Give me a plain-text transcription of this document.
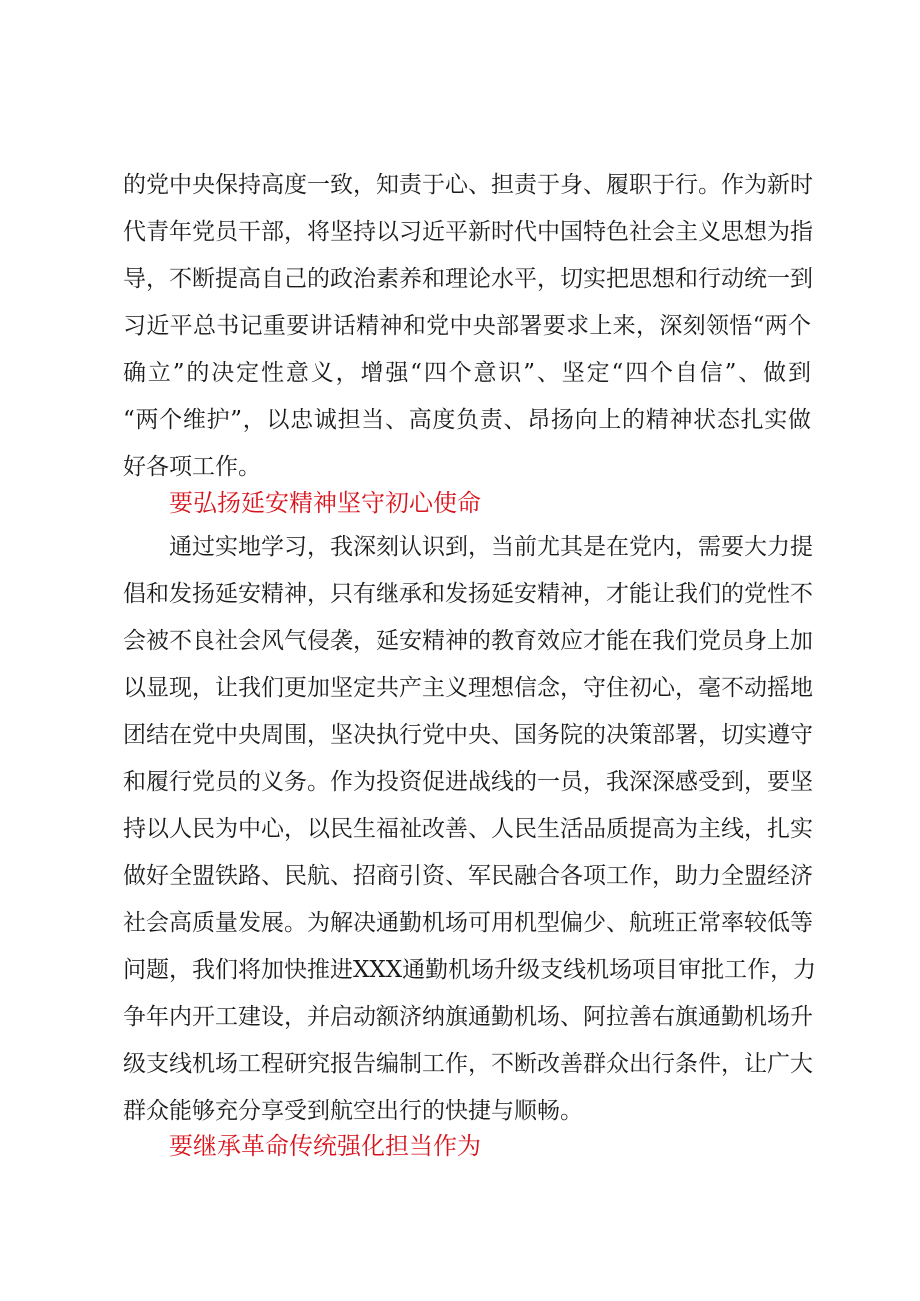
的党中央保持高度一致，知责于心、担责于身、履职于行。作为新时
代青年党员干部，将坚持以习近平新时代中国特色社会主义思想为指
导，不断提高自己的政治素养和理论水平，切实把思想和行动统一到
习近平总书记重要讲话精神和党中央部署要求上来，深刻领悟“两个
确立”的决定性意义，增强“四个意识”、坚定“四个自信”、做到
“两个维护”，以忠诚担当、高度负责、昂扬向上的精神状态扎实做
好各项工作。
要弘扬延安精神坚守初心使命
通过实地学习，我深刻认识到，当前尤其是在党内，需要大力提
倡和发扬延安精神，只有继承和发扬延安精神，才能让我们的党性不
会被不良社会风气侵袭，延安精神的教育效应才能在我们党员身上加
以显现，让我们更加坚定共产主义理想信念，守住初心，毫不动摇地
团结在党中央周围，坚决执行党中央、国务院的决策部署，切实遵守
和履行党员的义务。作为投资促进战线的一员，我深深感受到，要坚
持以人民为中心，以民生福祉改善、人民生活品质提高为主线，扎实
做好全盟铁路、民航、招商引资、军民融合各项工作，助力全盟经济
社会高质量发展。为解决通勤机场可用机型偏少、航班正常率较低等
问题，我们将加快推进XXX通勤机场升级支线机场项目审批工作，力
争年内开工建设，并启动额济纳旗通勤机场、阿拉善右旗通勤机场升
级支线机场工程研究报告编制工作，不断改善群众出行条件，让广大
群众能够充分享受到航空出行的快捷与顺畅。
要继承革命传统强化担当作为
